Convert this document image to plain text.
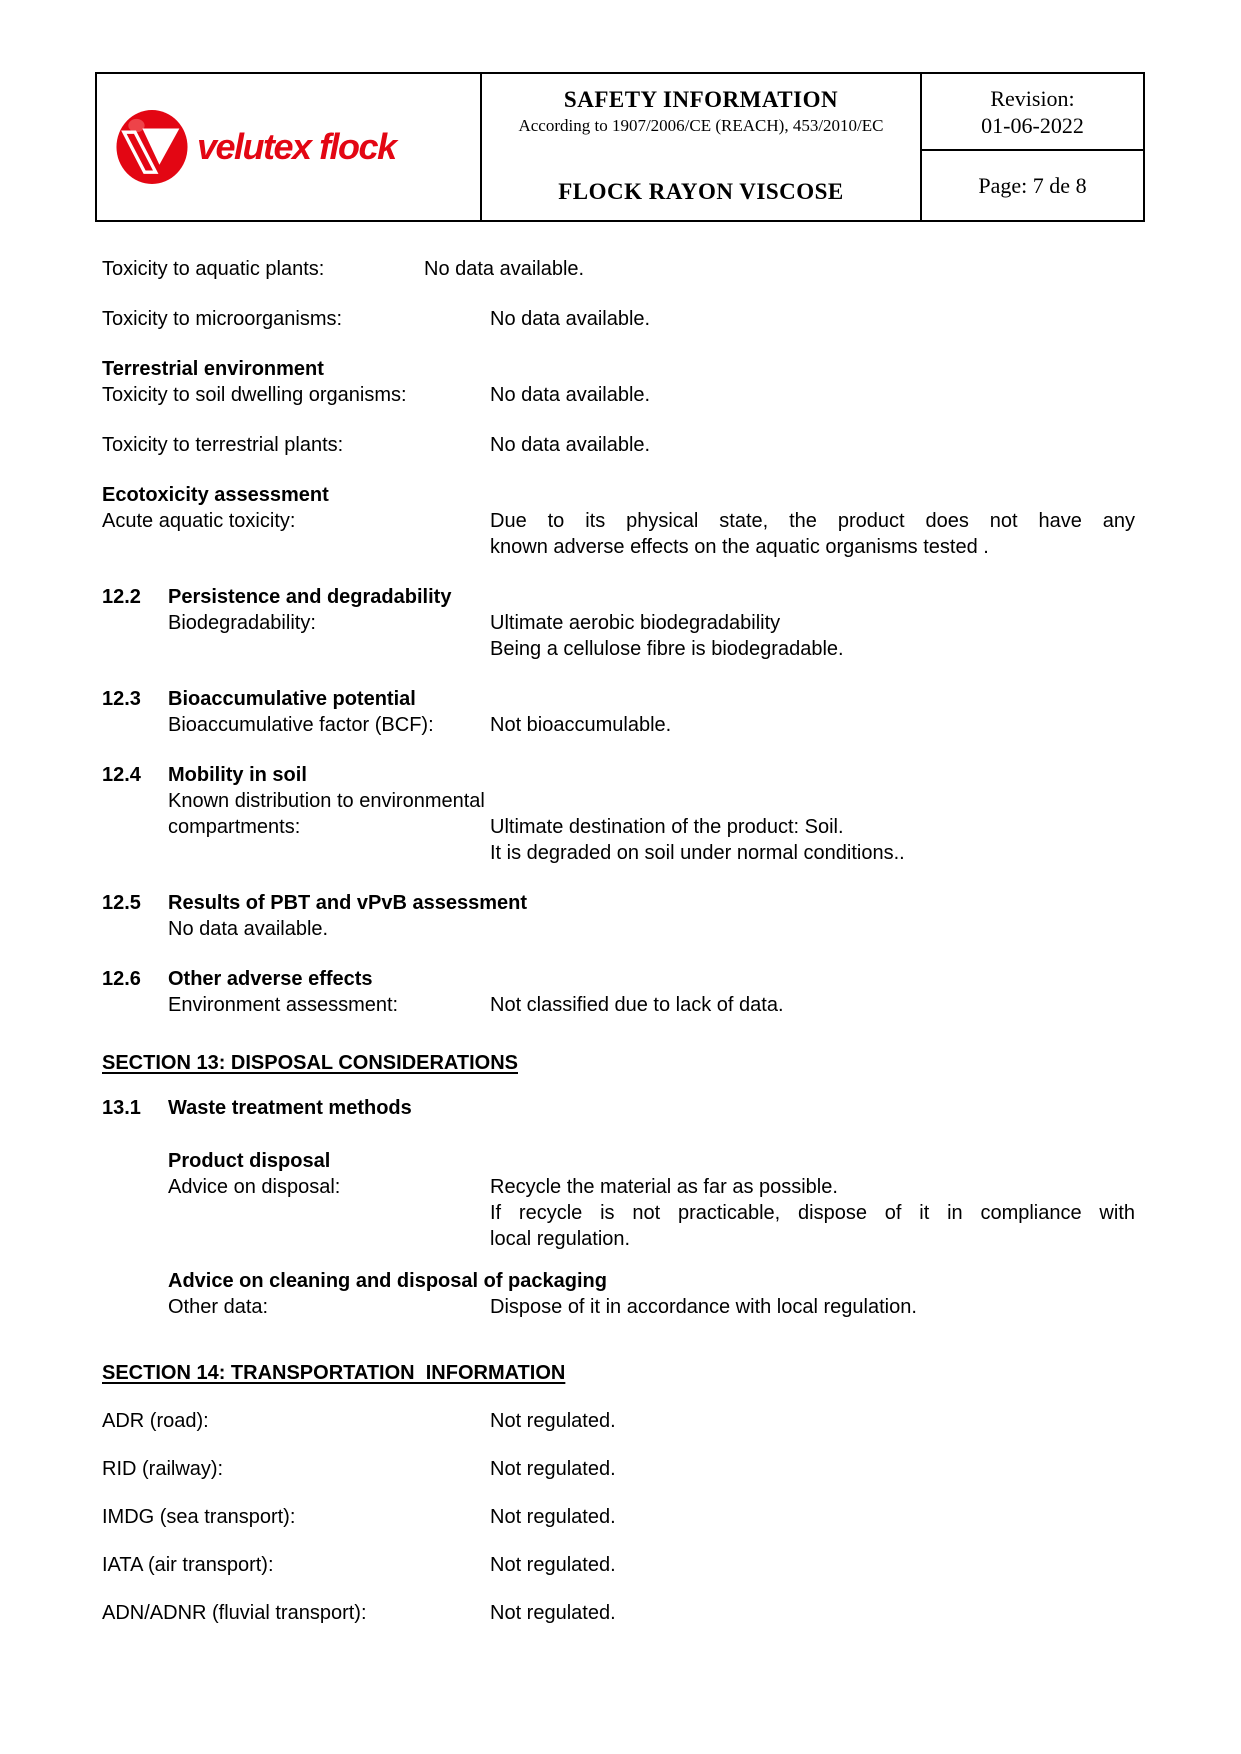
velutex flock
SAFETY INFORMATION
According to 1907/2006/CE (REACH), 453/2010/EC
FLOCK RAYON VISCOSE
Revision:
01-06-2022
Page: 7 de 8
Toxicity to aquatic plants:	No data available.
Toxicity to microorganisms:	No data available.
Terrestrial environment
Toxicity to soil dwelling organisms:	No data available.
Toxicity to terrestrial plants:	No data available.
Ecotoxicity assessment
Acute aquatic toxicity:	Due to its physical state, the product does not have any
known adverse effects on the aquatic organisms tested .
12.2	Persistence and degradability
Biodegradability:	Ultimate aerobic biodegradability
Being a cellulose fibre is biodegradable.
12.3	Bioaccumulative potential
Bioaccumulative factor (BCF):	Not bioaccumulable.
12.4	Mobility in soil
Known distribution to environmental
compartments:	Ultimate destination of the product: Soil.
It is degraded on soil under normal conditions..
12.5	Results of PBT and vPvB assessment
No data available.
12.6	Other adverse effects
Environment assessment:	Not classified due to lack of data.
SECTION 13: DISPOSAL CONSIDERATIONS
13.1	Waste treatment methods
Product disposal
Advice on disposal:	Recycle the material as far as possible.
If recycle is not practicable, dispose of it in compliance with
local regulation.
Advice on cleaning and disposal of packaging
Other data:	Dispose of it in accordance with local regulation.
SECTION 14: TRANSPORTATION  INFORMATION
ADR (road):	Not regulated.
RID (railway):	Not regulated.
IMDG (sea transport):	Not regulated.
IATA (air transport):	Not regulated.
ADN/ADNR (fluvial transport):	Not regulated.
